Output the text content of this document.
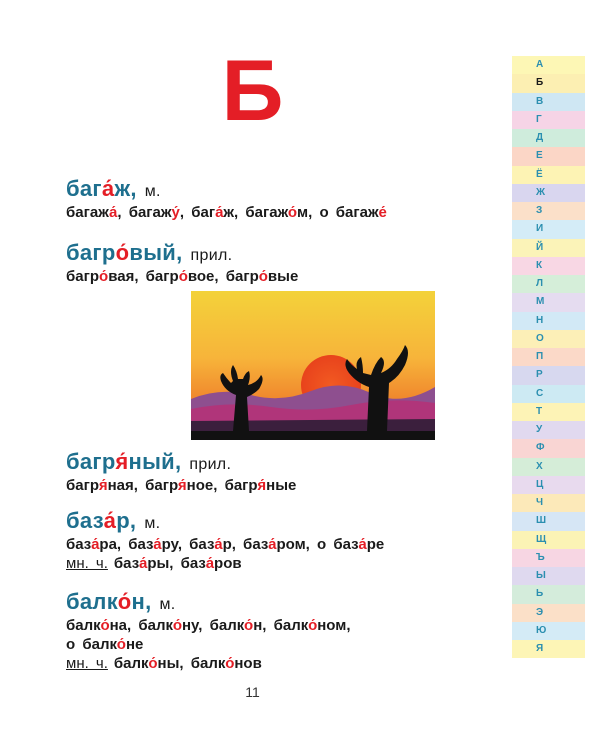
Б
бага́ж, м.
багажа́, багажу́, бага́ж, багажо́м, о багаже́
багро́вый, прил.
багро́вая, багро́вое, багро́вые
багря́ный, прил.
багря́ная, багря́ное, багря́ные
база́р, м.
база́ра, база́ру, база́р, база́ром, о база́ре
мн. ч. база́ры, база́ров
балко́н, м.
балко́на, балко́ну, балко́н, балко́ном,
о балко́не
мн. ч. балко́ны, балко́нов
11
А
Б
В
Г
Д
Е
Ё
Ж
З
И
Й
К
Л
М
Н
О
П
Р
С
Т
У
Ф
Х
Ц
Ч
Ш
Щ
Ъ
Ы
Ь
Э
Ю
Я
